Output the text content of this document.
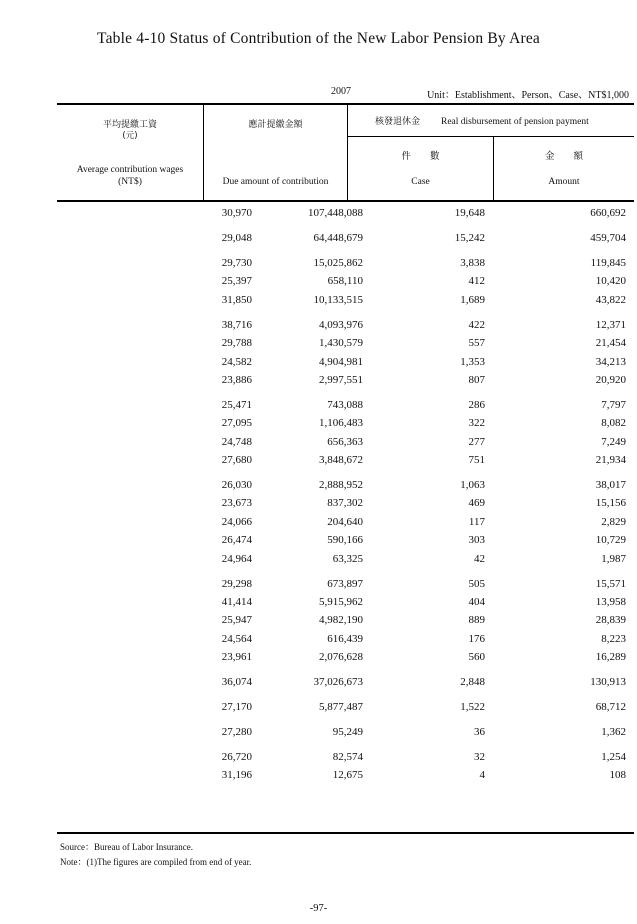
Table 4-10 Status of Contribution of the New Labor Pension By Area
2007	Unit：Establishment、Person、Case、NT$1,000
平均提繳工資
(元)
Average contribution wages
(NT$)
應計提繳金額
Due amount of contribution
核發退休金 Real disbursement of pension payment
件　　數
Case
金　　額
Amount
30,970	107,448,088	19,648	660,692
29,048	64,448,679	15,242	459,704
29,730	15,025,862	3,838	119,845
25,397	658,110	412	10,420
31,850	10,133,515	1,689	43,822
38,716	4,093,976	422	12,371
29,788	1,430,579	557	21,454
24,582	4,904,981	1,353	34,213
23,886	2,997,551	807	20,920
25,471	743,088	286	7,797
27,095	1,106,483	322	8,082
24,748	656,363	277	7,249
27,680	3,848,672	751	21,934
26,030	2,888,952	1,063	38,017
23,673	837,302	469	15,156
24,066	204,640	117	2,829
26,474	590,166	303	10,729
24,964	63,325	42	1,987
29,298	673,897	505	15,571
41,414	5,915,962	404	13,958
25,947	4,982,190	889	28,839
24,564	616,439	176	8,223
23,961	2,076,628	560	16,289
36,074	37,026,673	2,848	130,913
27,170	5,877,487	1,522	68,712
27,280	95,249	36	1,362
26,720	82,574	32	1,254
31,196	12,675	4	108
Source：Bureau of Labor Insurance.
Note：(1)The figures are compiled from end of year.
-97-
